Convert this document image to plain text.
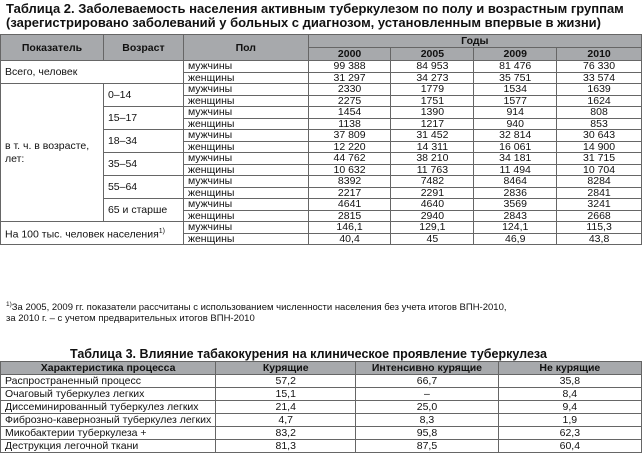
Таблица 2. Заболеваемость населения активным туберкулезом по полу и возрастным группам
(зарегистрировано заболеваний у больных с диагнозом, установленным впервые в жизни)
Показатель	Возраст	Пол	Годы			
			2000	2005	2009	2010
Всего, человек		мужчины	99 388	84 953	81 476	76 330
		женщины	31 297	34 273	35 751	33 574
в т. ч. в возрасте, лет:	0–14	мужчины	2330	1779	1534	1639
		женщины	2275	1751	1577	1624
	15–17	мужчины	1454	1390	914	808
		женщины	1138	1217	940	853
	18–34	мужчины	37 809	31 452	32 814	30 643
		женщины	12 220	14 311	16 061	14 900
	35–54	мужчины	44 762	38 210	34 181	31 715
		женщины	10 632	11 763	11 494	10 704
	55–64	мужчины	8392	7482	8464	8284
		женщины	2217	2291	2836	2841
	65 и старше	мужчины	4641	4640	3569	3241
		женщины	2815	2940	2843	2668
На 100 тыс. человек населения$^{1)}$		мужчины	146,1	129,1	124,1	115,3
		женщины	40,4	45	46,9	43,8
$^{1)}$За 2005, 2009 гг. показатели рассчитаны с использованием численности населения без учета итогов ВПН-2010,
за 2010 г. – с учетом предварительных итогов ВПН-2010
Таблица 3. Влияние табакокурения на клиническое проявление туберкулеза
Характеристика процесса	Курящие	Интенсивно курящие	Не курящие
Распространенный процесс	57,2	66,7	35,8
Очаговый туберкулез легких	15,1	–	8,4
Диссеминированный туберкулез легких	21,4	25,0	9,4
Фиброзно-кавернозный туберкулез легких	4,7	8,3	1,9
Микобактерии туберкулеза +	83,2	95,8	62,3
Деструкция легочной ткани	81,3	87,5	60,4
